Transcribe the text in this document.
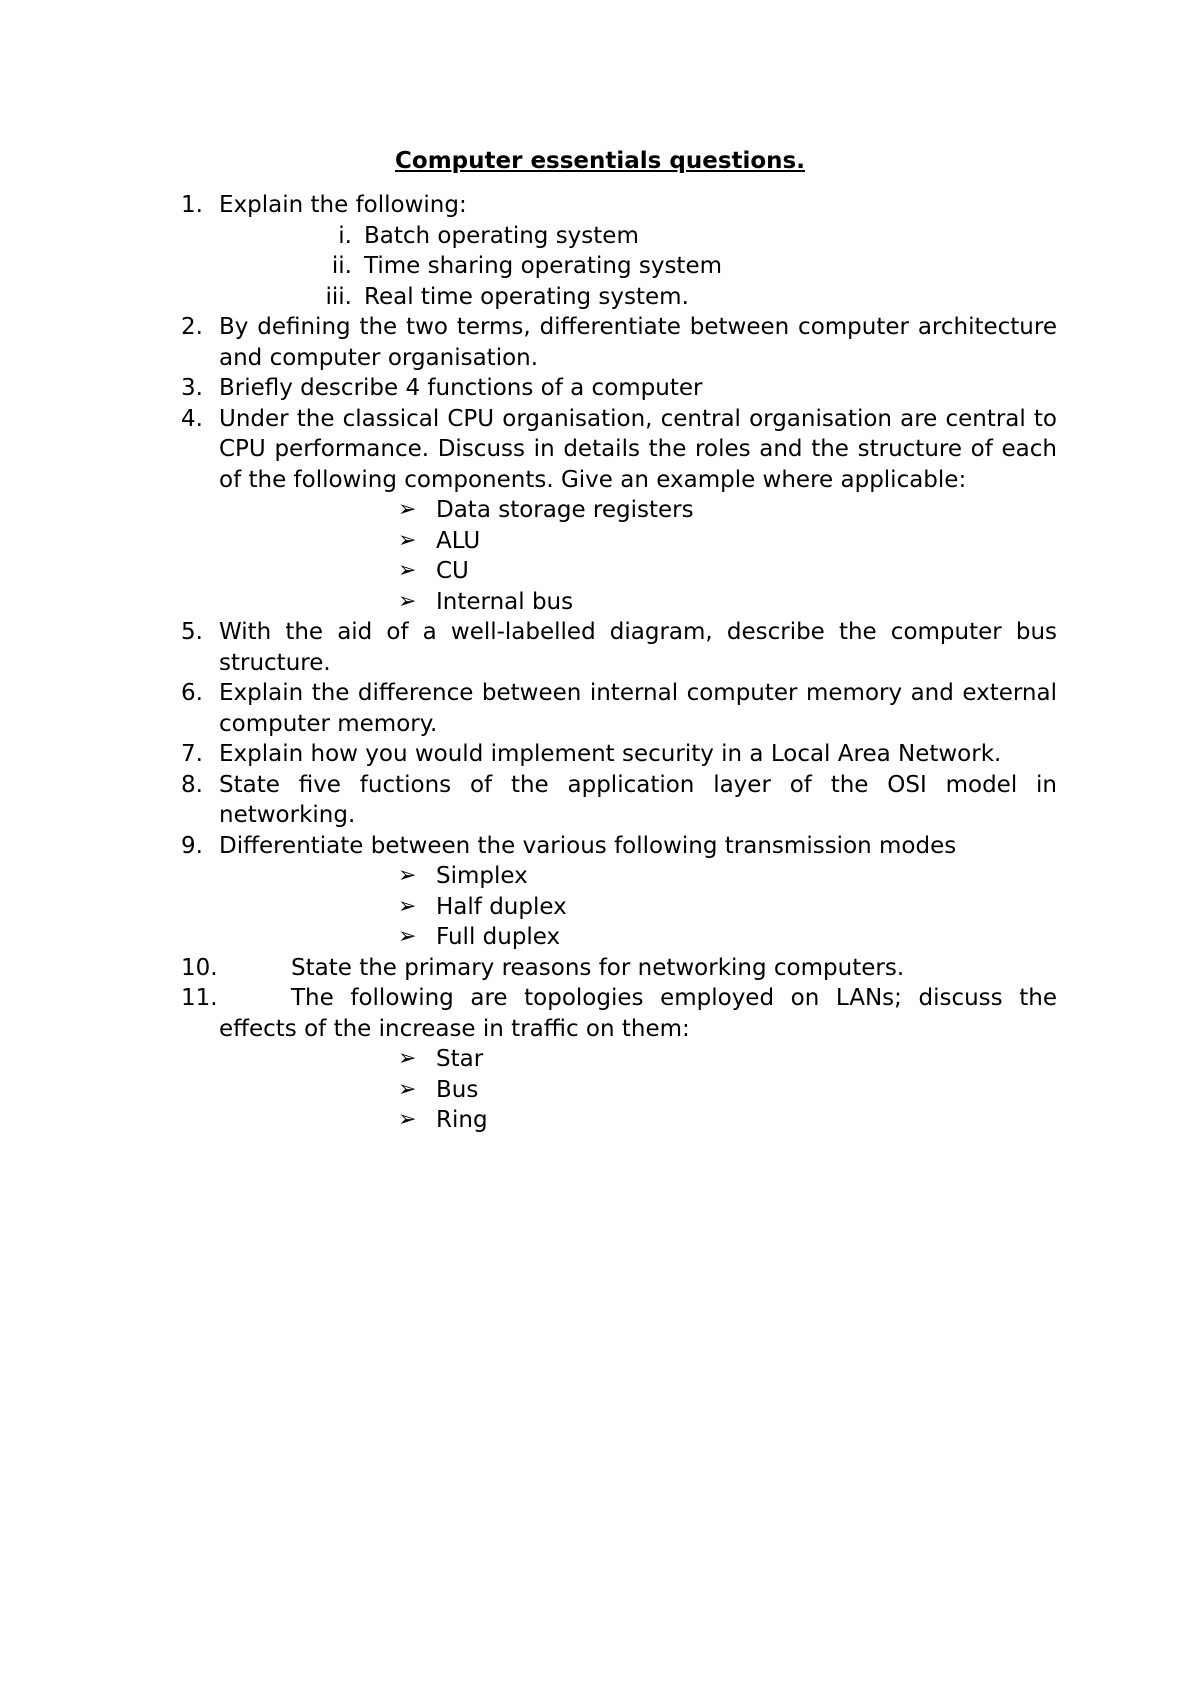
Computer essentials questions.
1. Explain the following:
i. Batch operating system
ii. Time sharing operating system
iii. Real time operating system.
2. By defining the two terms, differentiate between computer architecture and computer organisation.
3. Briefly describe 4 functions of a computer
4. Under the classical CPU organisation, central organisation are central to CPU performance. Discuss in details the roles and the structure of each of the following components. Give an example where applicable:
➢ Data storage registers
➢ ALU
➢ CU
➢ Internal bus
5. With the aid of a well-labelled diagram, describe the computer bus structure.
6. Explain the difference between internal computer memory and external computer memory.
7. Explain how you would implement security in a Local Area Network.
8. State five fuctions of the application layer of the OSI model in networking.
9. Differentiate between the various following transmission modes
➢ Simplex
➢ Half duplex
➢ Full duplex
10.	State the primary reasons for networking computers.
11.	The following are topologies employed on LANs; discuss the effects of the increase in traffic on them:
➢ Star
➢ Bus
➢ Ring
